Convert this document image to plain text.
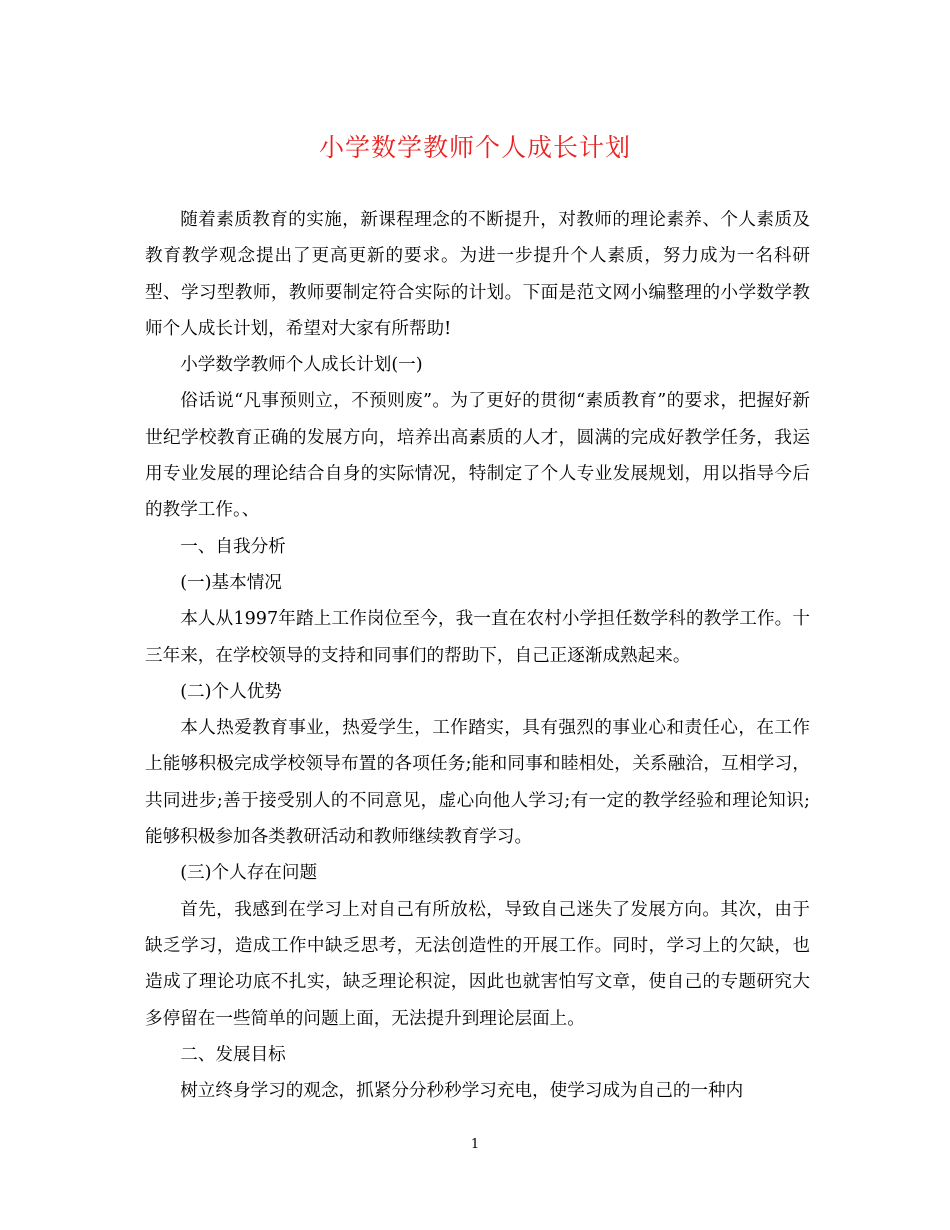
小学数学教师个人成长计划

随着素质教育的实施，新课程理念的不断提升，对教师的理论素养、个人素质及教育教学观念提出了更高更新的要求。为进一步提升个人素质，努力成为一名科研型、学习型教师，教师要制定符合实际的计划。下面是范文网小编整理的小学数学教师个人成长计划，希望对大家有所帮助!

小学数学教师个人成长计划(一)

俗话说“凡事预则立，不预则废”。为了更好的贯彻“素质教育”的要求，把握好新世纪学校教育正确的发展方向，培养出高素质的人才，圆满的完成好教学任务，我运用专业发展的理论结合自身的实际情况，特制定了个人专业发展规划，用以指导今后的教学工作。、

一、自我分析

(一)基本情况

本人从1997年踏上工作岗位至今，我一直在农村小学担任数学科的教学工作。十三年来，在学校领导的支持和同事们的帮助下，自己正逐渐成熟起来。

(二)个人优势

本人热爱教育事业，热爱学生，工作踏实，具有强烈的事业心和责任心，在工作上能够积极完成学校领导布置的各项任务;能和同事和睦相处，关系融洽，互相学习，共同进步;善于接受别人的不同意见，虚心向他人学习;有一定的教学经验和理论知识;能够积极参加各类教研活动和教师继续教育学习。

(三)个人存在问题

首先，我感到在学习上对自己有所放松，导致自己迷失了发展方向。其次，由于缺乏学习，造成工作中缺乏思考，无法创造性的开展工作。同时，学习上的欠缺，也造成了理论功底不扎实，缺乏理论积淀，因此也就害怕写文章，使自己的专题研究大多停留在一些简单的问题上面，无法提升到理论层面上。

二、发展目标

树立终身学习的观念，抓紧分分秒秒学习充电，使学习成为自己的一种内

1
